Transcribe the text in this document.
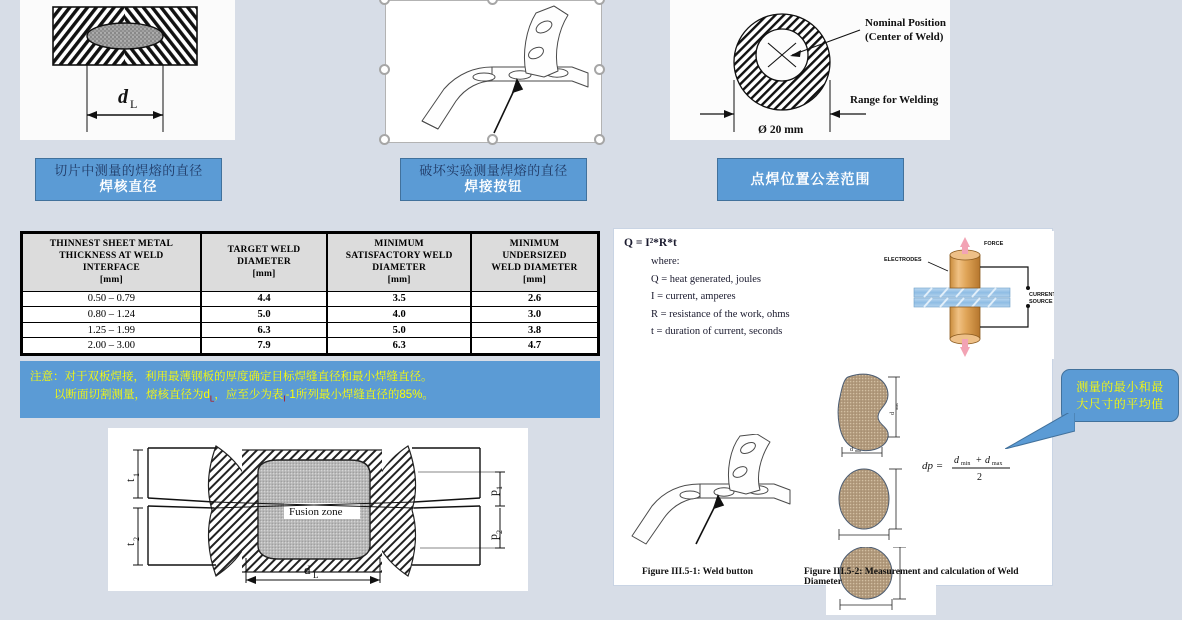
d L
Nominal Position
(Center of Weld)
Range for Welding
Ø 20 mm
切片中测量的焊熔的直径
焊核直径
破坏实验测量焊熔的直径
焊接按钮	点焊位置公差范围
THINNEST SHEET METAL
THICKNESS AT WELD
INTERFACE
[mm]

TARGET WELD
DIAMETER
[mm]

MINIMUM
SATISFACTORY WELD
DIAMETER
[mm]

MINIMUM
UNDERSIZED
WELD DIAMETER
[mm]

0.50 – 0.79	4.4	3.5	2.6
0.80 – 1.24	5.0	4.0	3.0
1.25 – 1.99	6.3	5.0	3.8
2.00 – 3.00	7.9	6.3	4.7
注意：对于双板焊接，利用最薄钢板的厚度确定目标焊缝直径和最小焊缝直径。
以断面切割测量，熔核直径为$d_L$，应至少为表$_I$-1所列最小焊缝直径的85%。
Fusion zone
t
1
t
2
p
1
p
2
d L
Q = I²*R*t
where:
Q = heat generated, joules
I = current, amperes
R = resistance of the work, ohms
t = duration of current, seconds
FORCE
ELECTRODES
CURRENT
SOURCE
d
max
d min
dp = d min + d max
2
Figure III.5-1: Weld button	Figure III.5-2: Measurement and calculation of Weld Diameter
测量的最小和最
大尺寸的平均值
